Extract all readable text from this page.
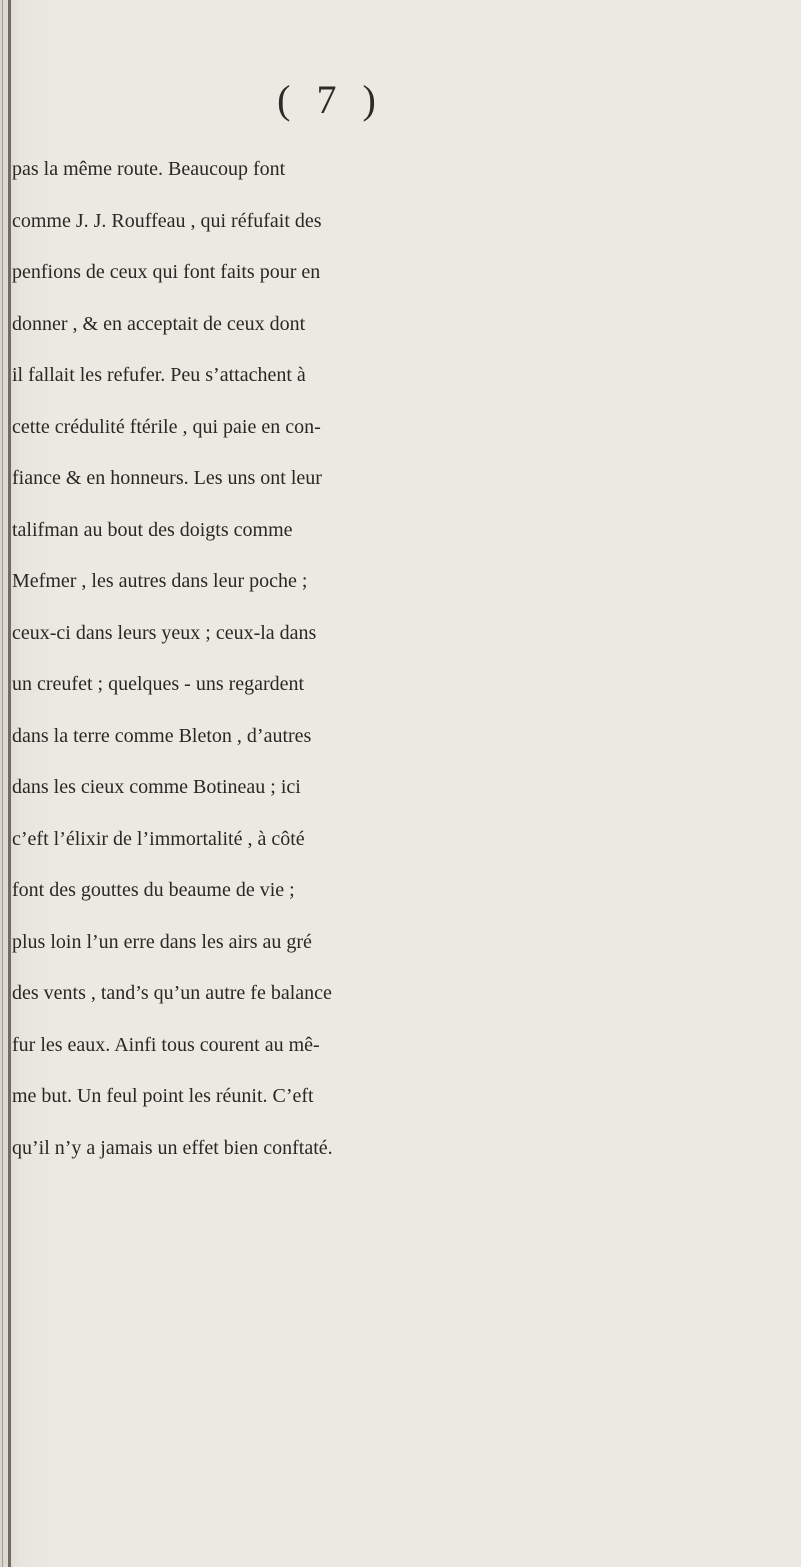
( 7 )
pas la même route. Beaucoup font
comme J. J. Rouffeau , qui réfufait des
penfions de ceux qui font faits pour en
donner , & en acceptait de ceux dont
il fallait les refufer. Peu s’attachent à
cette crédulité ftérile , qui paie en con-
fiance & en honneurs. Les uns ont leur
talifman au bout des doigts comme
Mefmer , les autres dans leur poche ;
ceux-ci dans leurs yeux ; ceux-la dans
un creufet ; quelques - uns regardent
dans la terre comme Bleton , d’autres
dans les cieux comme Botineau ; ici
c’eft l’élixir de l’immortalité , à côté
font des gouttes du beaume de vie ;
plus loin l’un erre dans les airs au gré
des vents , tand’s qu’un autre fe balance
fur les eaux. Ainfi tous courent au mê-
me but. Un feul point les réunit. C’eft
qu’il n’y a jamais un effet bien conftaté.
